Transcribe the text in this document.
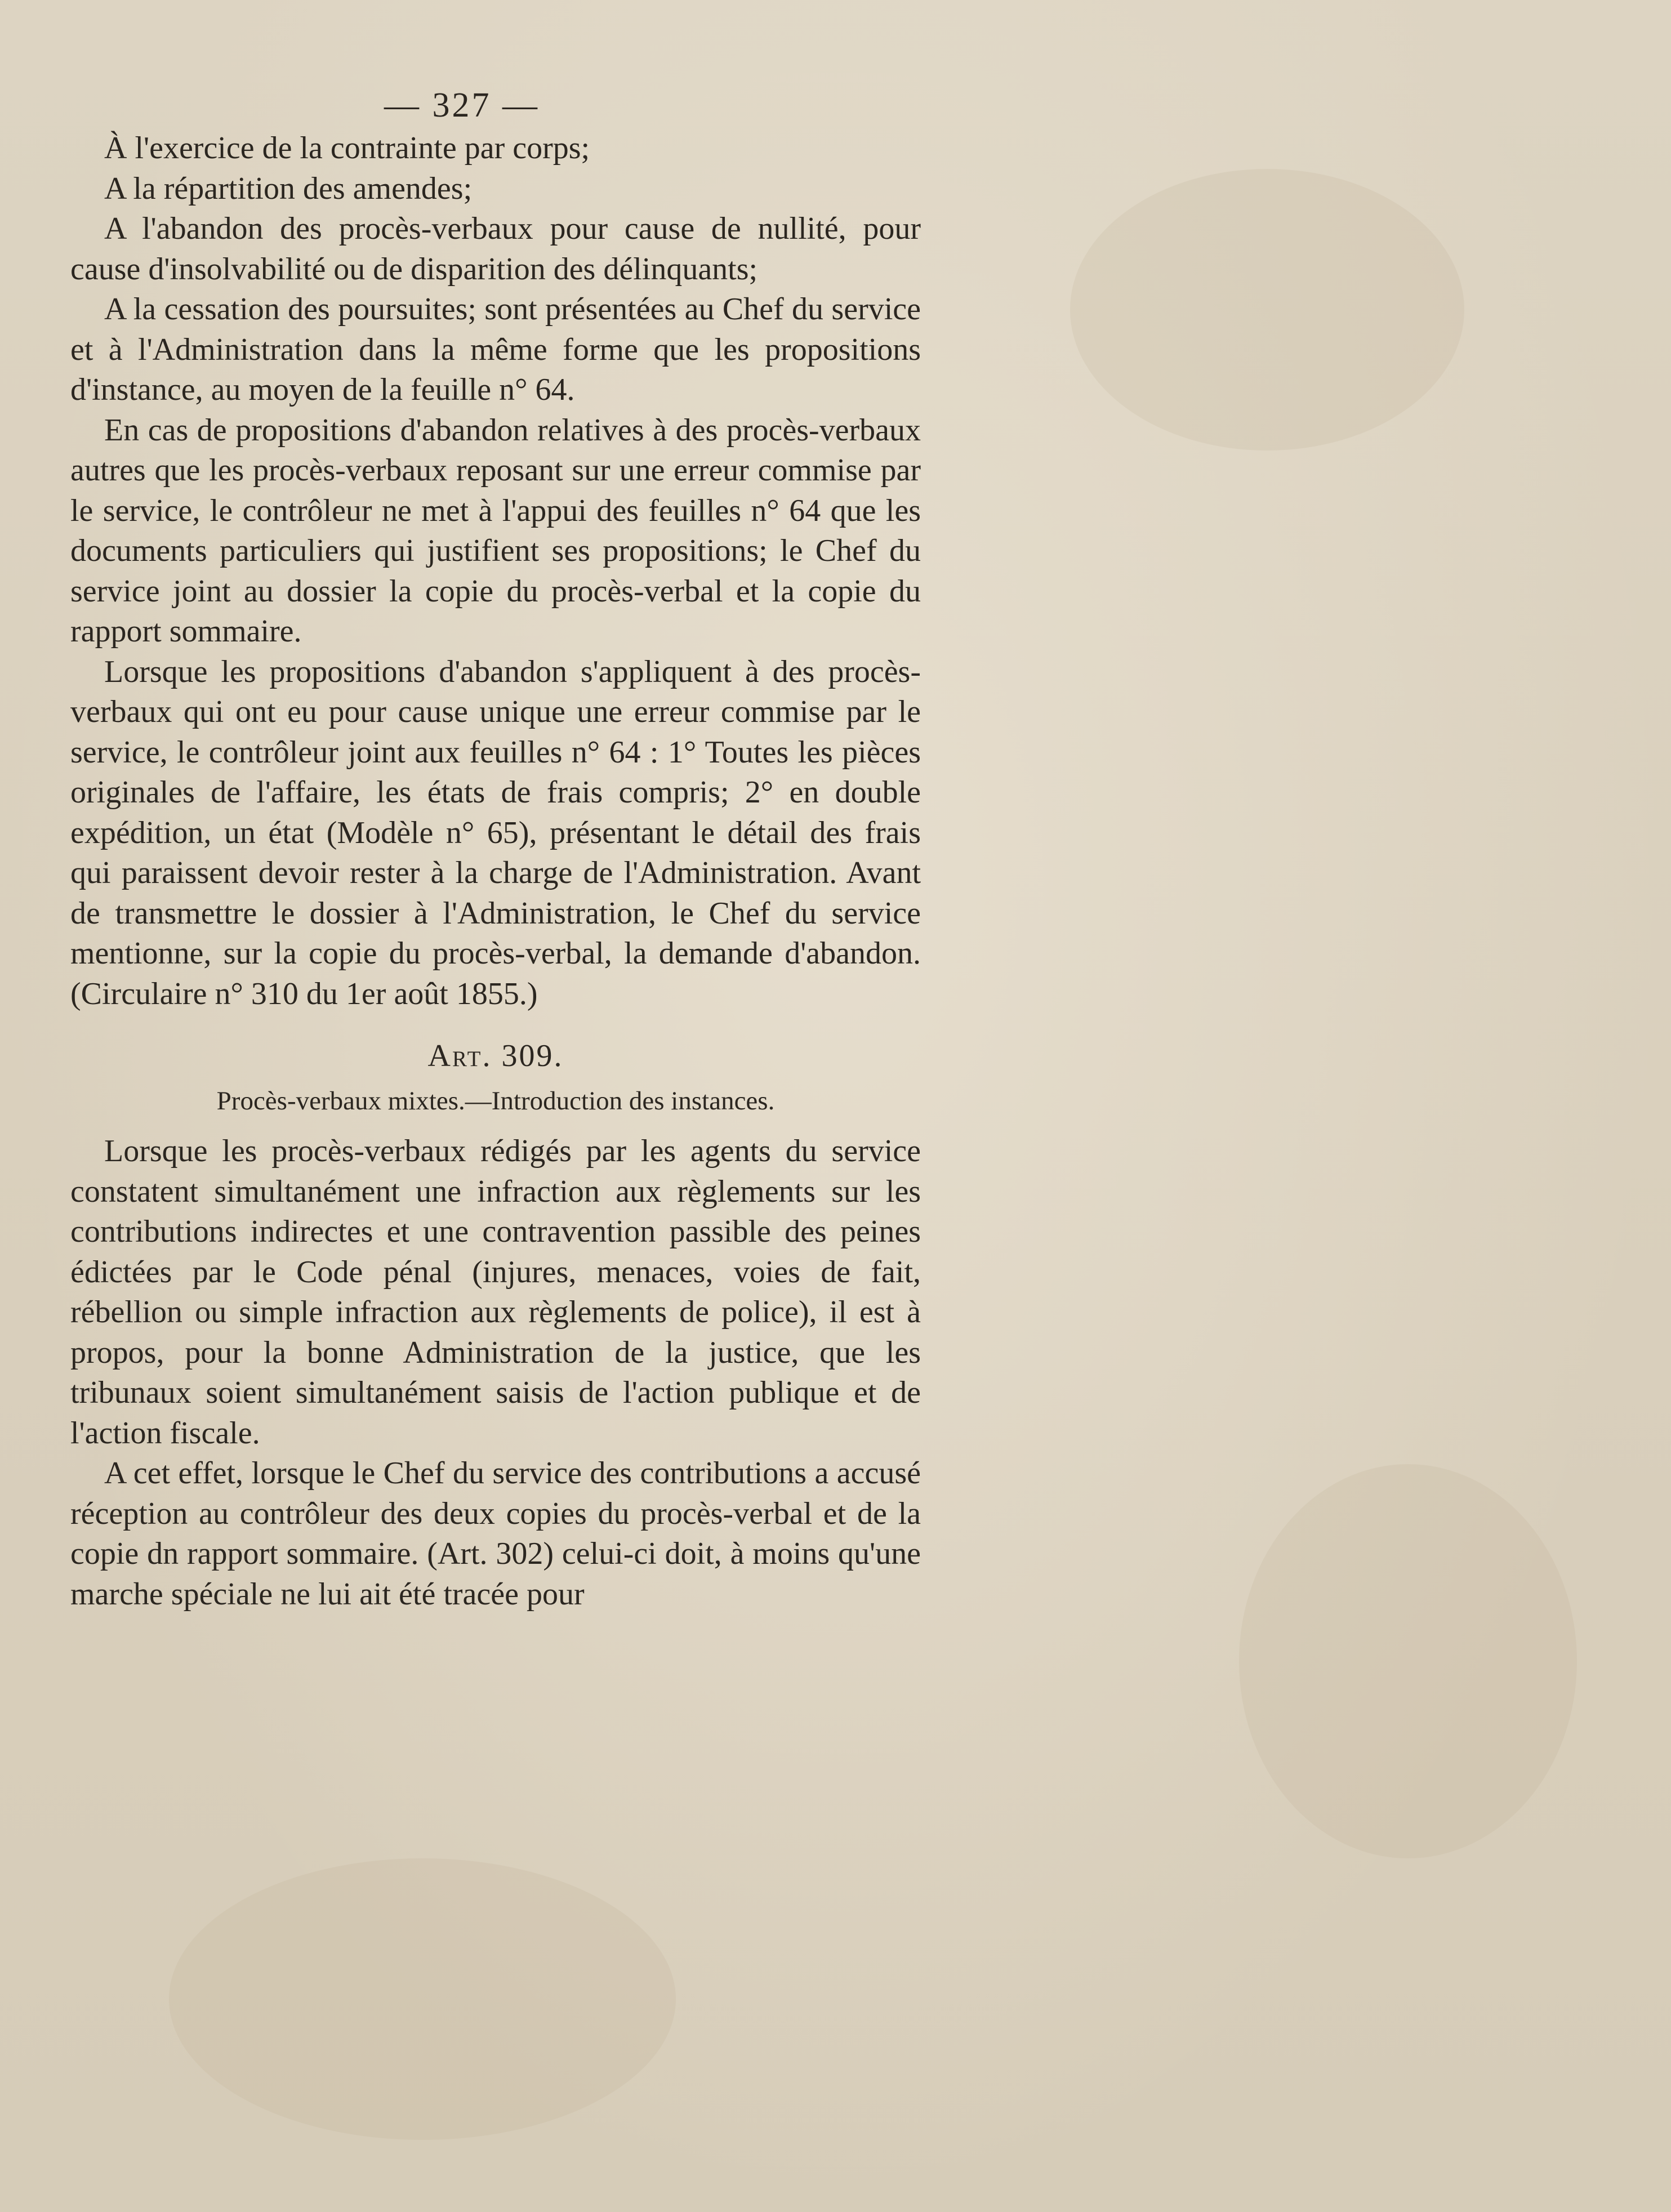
— 327 —

À l'exercice de la contrainte par corps;

A la répartition des amendes;

A l'abandon des procès-verbaux pour cause de nullité, pour cause d'insolvabilité ou de disparition des délinquants;

A la cessation des poursuites; sont présentées au Chef du service et à l'Administration dans la même forme que les propositions d'instance, au moyen de la feuille n° 64.

En cas de propositions d'abandon relatives à des procès-verbaux autres que les procès-verbaux reposant sur une erreur commise par le service, le contrôleur ne met à l'appui des feuilles n° 64 que les documents particuliers qui justifient ses propositions; le Chef du service joint au dossier la copie du procès-verbal et la copie du rapport sommaire.

Lorsque les propositions d'abandon s'appliquent à des procès-verbaux qui ont eu pour cause unique une erreur commise par le service, le contrôleur joint aux feuilles n° 64 : 1° Toutes les pièces originales de l'affaire, les états de frais compris; 2° en double expédition, un état (Modèle n° 65), présentant le détail des frais qui paraissent devoir rester à la charge de l'Administration. Avant de transmettre le dossier à l'Administration, le Chef du service mentionne, sur la copie du procès-verbal, la demande d'abandon. (Circulaire n° 310 du 1er août 1855.)

Art. 309.
Procès-verbaux mixtes.—Introduction des instances.

Lorsque les procès-verbaux rédigés par les agents du service constatent simultanément une infraction aux règlements sur les contributions indirectes et une contravention passible des peines édictées par le Code pénal (injures, menaces, voies de fait, rébellion ou simple infraction aux règlements de police), il est à propos, pour la bonne Administration de la justice, que les tribunaux soient simultanément saisis de l'action publique et de l'action fiscale.

A cet effet, lorsque le Chef du service des contributions a accusé réception au contrôleur des deux copies du procès-verbal et de la copie dn rapport sommaire. (Art. 302) celui-ci doit, à moins qu'une marche spéciale ne lui ait été tracée pour
